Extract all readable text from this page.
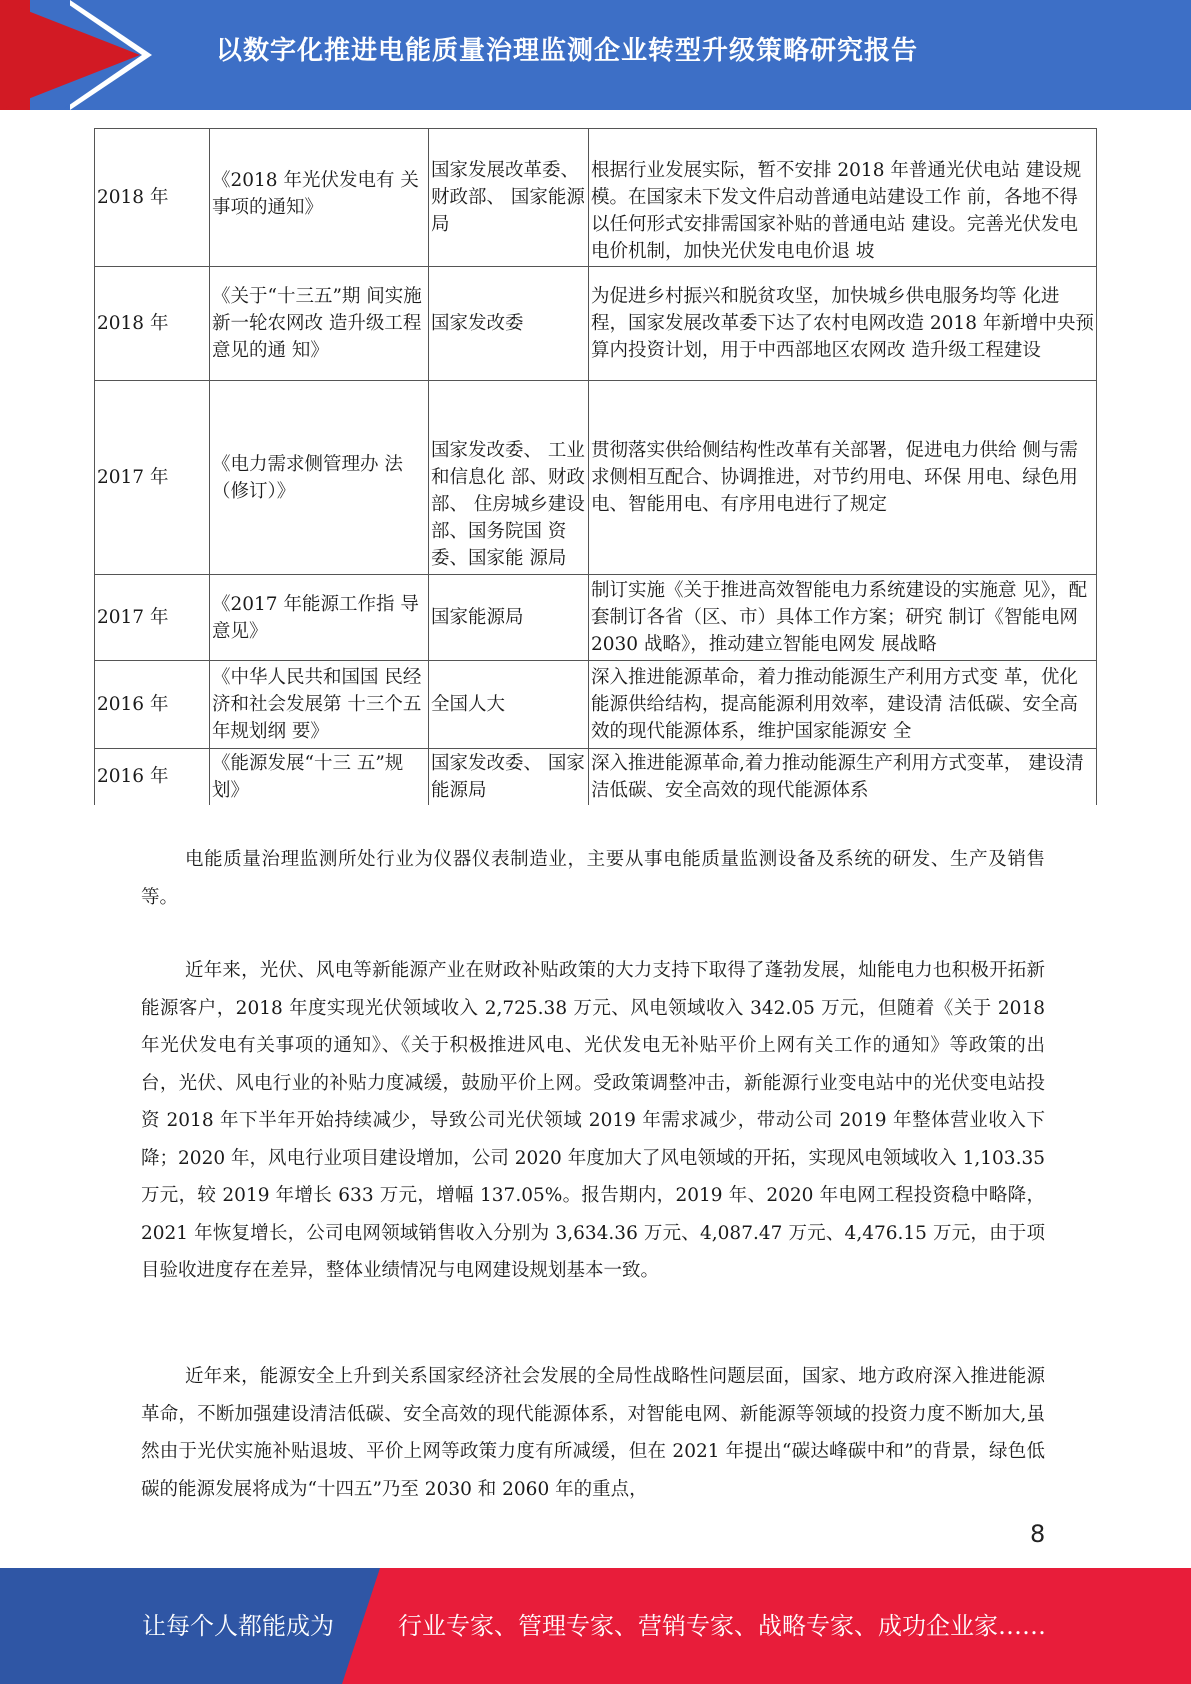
以数字化推进电能质量治理监测企业转型升级策略研究报告
2018 年	《2018 年光伏发电有 关事项的通知》	国家发展改革委、财政部、 国家能源局	根据行业发展实际，暂不安排 2018 年普通光伏电站 建设规模。在国家未下发文件启动普通电站建设工作 前，各地不得以任何形式安排需国家补贴的普通电站 建设。完善光伏发电电价机制，加快光伏发电电价退 坡
2018 年	《关于“十三五”期 间实施新一轮农网改 造升级工程意见的通 知》	国家发改委	为促进乡村振兴和脱贫攻坚，加快城乡供电服务均等 化进程，国家发展改革委下达了农村电网改造 2018 年新增中央预算内投资计划，用于中西部地区农网改 造升级工程建设
2017 年	《电力需求侧管理办 法（修订）》	国家发改委、 工业和信息化 部、财政部、 住房城乡建设 部、国务院国 资委、国家能 源局	贯彻落实供给侧结构性改革有关部署，促进电力供给 侧与需求侧相互配合、协调推进，对节约用电、环保 用电、绿色用电、智能用电、有序用电进行了规定
2017 年	《2017 年能源工作指 导意见》	国家能源局	制订实施《关于推进高效智能电力系统建设的实施意 见》，配套制订各省（区、市）具体工作方案；研究 制订《智能电网 2030 战略》，推动建立智能电网发 展战略
2016 年	《中华人民共和国国 民经济和社会发展第 十三个五年规划纲 要》	全国人大	深入推进能源革命，着力推动能源生产利用方式变 革，优化能源供给结构，提高能源利用效率，建设清 洁低碳、安全高效的现代能源体系，维护国家能源安 全
2016 年	《能源发展“十三 五”规划》	国家发改委、 国家能源局	深入推进能源革命,着力推动能源生产利用方式变革， 建设清洁低碳、安全高效的现代能源体系

电能质量治理监测所处行业为仪器仪表制造业，主要从事电能质量监测设备及系统的研发、生产及销售等。

近年来，光伏、风电等新能源产业在财政补贴政策的大力支持下取得了蓬勃发展，灿能电力也积极开拓新能源客户，2018 年度实现光伏领域收入 2,725.38 万元、风电领域收入 342.05 万元，但随着《关于 2018 年光伏发电有关事项的通知》、《关于积极推进风电、光伏发电无补贴平价上网有关工作的通知》等政策的出台，光伏、风电行业的补贴力度减缓，鼓励平价上网。受政策调整冲击，新能源行业变电站中的光伏变电站投资 2018 年下半年开始持续减少，导致公司光伏领域 2019 年需求减少，带动公司 2019 年整体营业收入下降；2020 年，风电行业项目建设增加，公司 2020 年度加大了风电领域的开拓，实现风电领域收入 1,103.35 万元，较 2019 年增长 633 万元，增幅 137.05%。报告期内，2019 年、2020 年电网工程投资稳中略降，2021 年恢复增长，公司电网领域销售收入分别为 3,634.36 万元、4,087.47 万元、4,476.15 万元，由于项目验收进度存在差异，整体业绩情况与电网建设规划基本一致。

近年来，能源安全上升到关系国家经济社会发展的全局性战略性问题层面，国家、地方政府深入推进能源革命，不断加强建设清洁低碳、安全高效的现代能源体系，对智能电网、新能源等领域的投资力度不断加大,虽然由于光伏实施补贴退坡、平价上网等政策力度有所减缓，但在 2021 年提出“碳达峰碳中和”的背景，绿色低碳的能源发展将成为“十四五”乃至 2030 和 2060 年的重点，

8
让每个人都能成为	行业专家、管理专家、营销专家、战略专家、成功企业家……
